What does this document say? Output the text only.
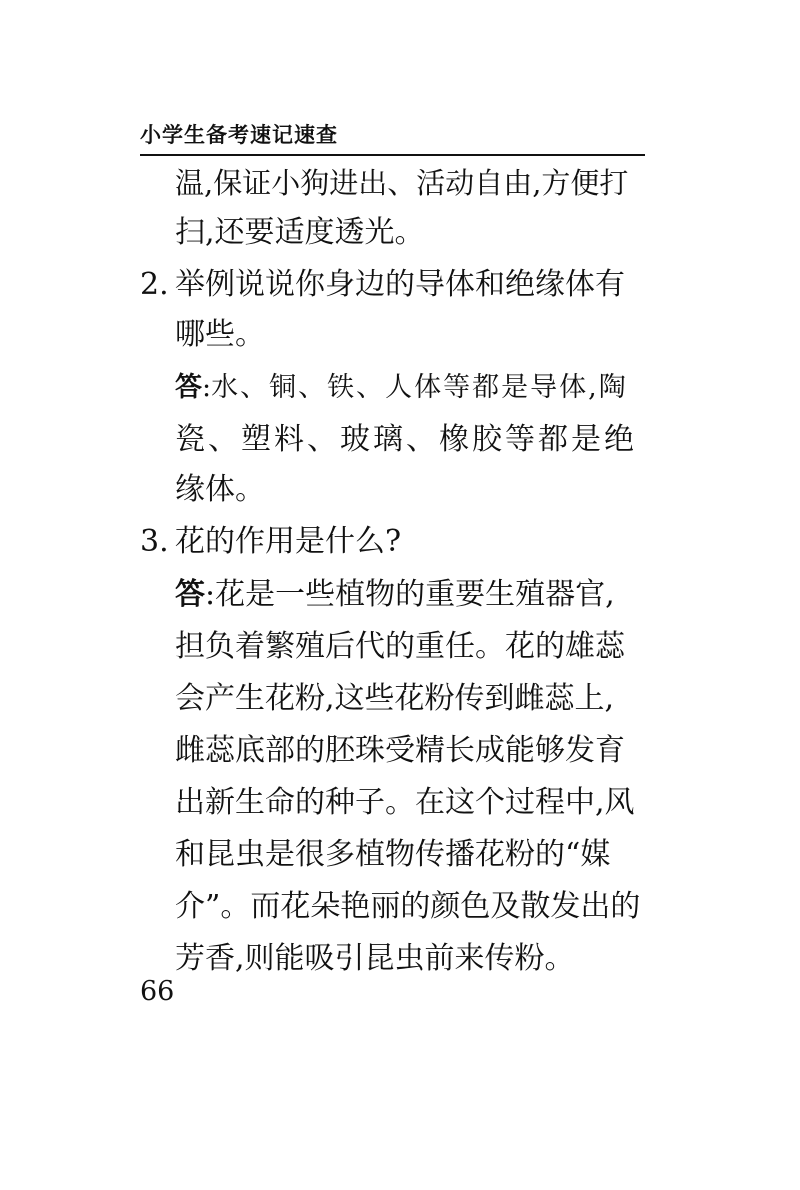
小学生备考速记速查
温,保证小狗进出、活动自由,方便打
扫,还要适度透光。
2. 举例说说你身边的导体和绝缘体有
哪些。
答 : 水、铜、铁、人体等都是导体,陶
瓷、塑料、玻璃、橡胶等都是绝
缘体。
3. 花的作用是什么?
答 : 花是一些植物的重要生殖器官,
担负着繁殖后代的重任。花的雄蕊
会产生花粉,这些花粉传到雌蕊上,
雌蕊底部的胚珠受精长成能够发育
出新生命的种子。在这个过程中,风
和昆虫是很多植物传播花粉的“媒
介”。而花朵艳丽的颜色及散发出的
芳香,则能吸引昆虫前来传粉。
66
